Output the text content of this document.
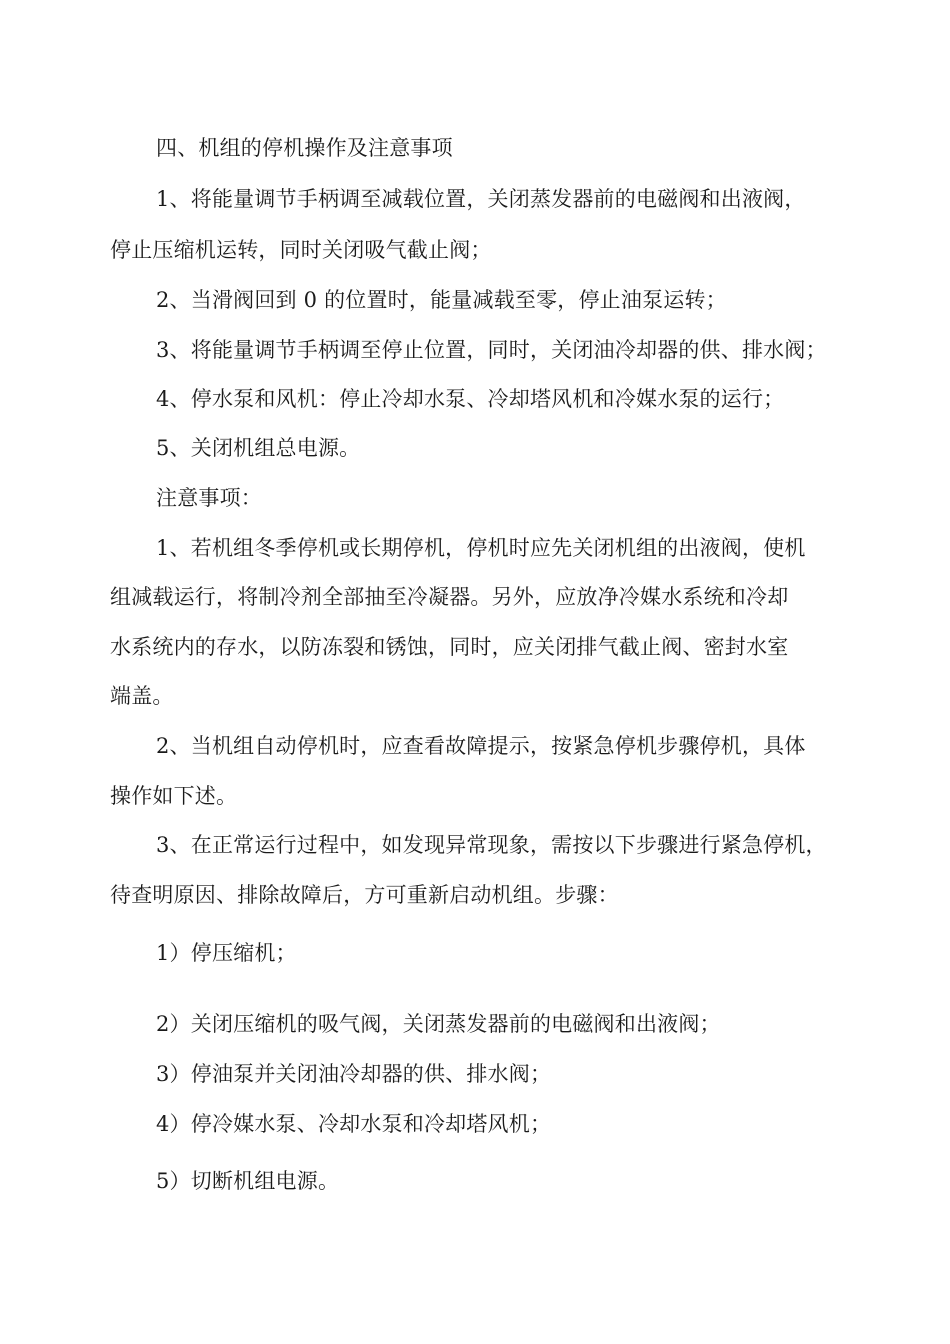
四、机组的停机操作及注意事项
1、将能量调节手柄调至减载位置，关闭蒸发器前的电磁阀和出液阀，
停止压缩机运转，同时关闭吸气截止阀；
2、当滑阀回到 0 的位置时，能量减载至零，停止油泵运转；
3、将能量调节手柄调至停止位置，同时，关闭油冷却器的供、排水阀；
4、停水泵和风机：停止冷却水泵、冷却塔风机和冷媒水泵的运行；
5、关闭机组总电源。
注意事项：
1、若机组冬季停机或长期停机，停机时应先关闭机组的出液阀，使机
组减载运行，将制冷剂全部抽至冷凝器。另外，应放净冷媒水系统和冷却
水系统内的存水，以防冻裂和锈蚀，同时，应关闭排气截止阀、密封水室
端盖。
2、当机组自动停机时，应查看故障提示，按紧急停机步骤停机，具体
操作如下述。
3、在正常运行过程中，如发现异常现象，需按以下步骤进行紧急停机，
待查明原因、排除故障后，方可重新启动机组。步骤：
1）停压缩机；
2）关闭压缩机的吸气阀，关闭蒸发器前的电磁阀和出液阀；
3）停油泵并关闭油冷却器的供、排水阀；
4）停冷媒水泵、冷却水泵和冷却塔风机；
5）切断机组电源。
